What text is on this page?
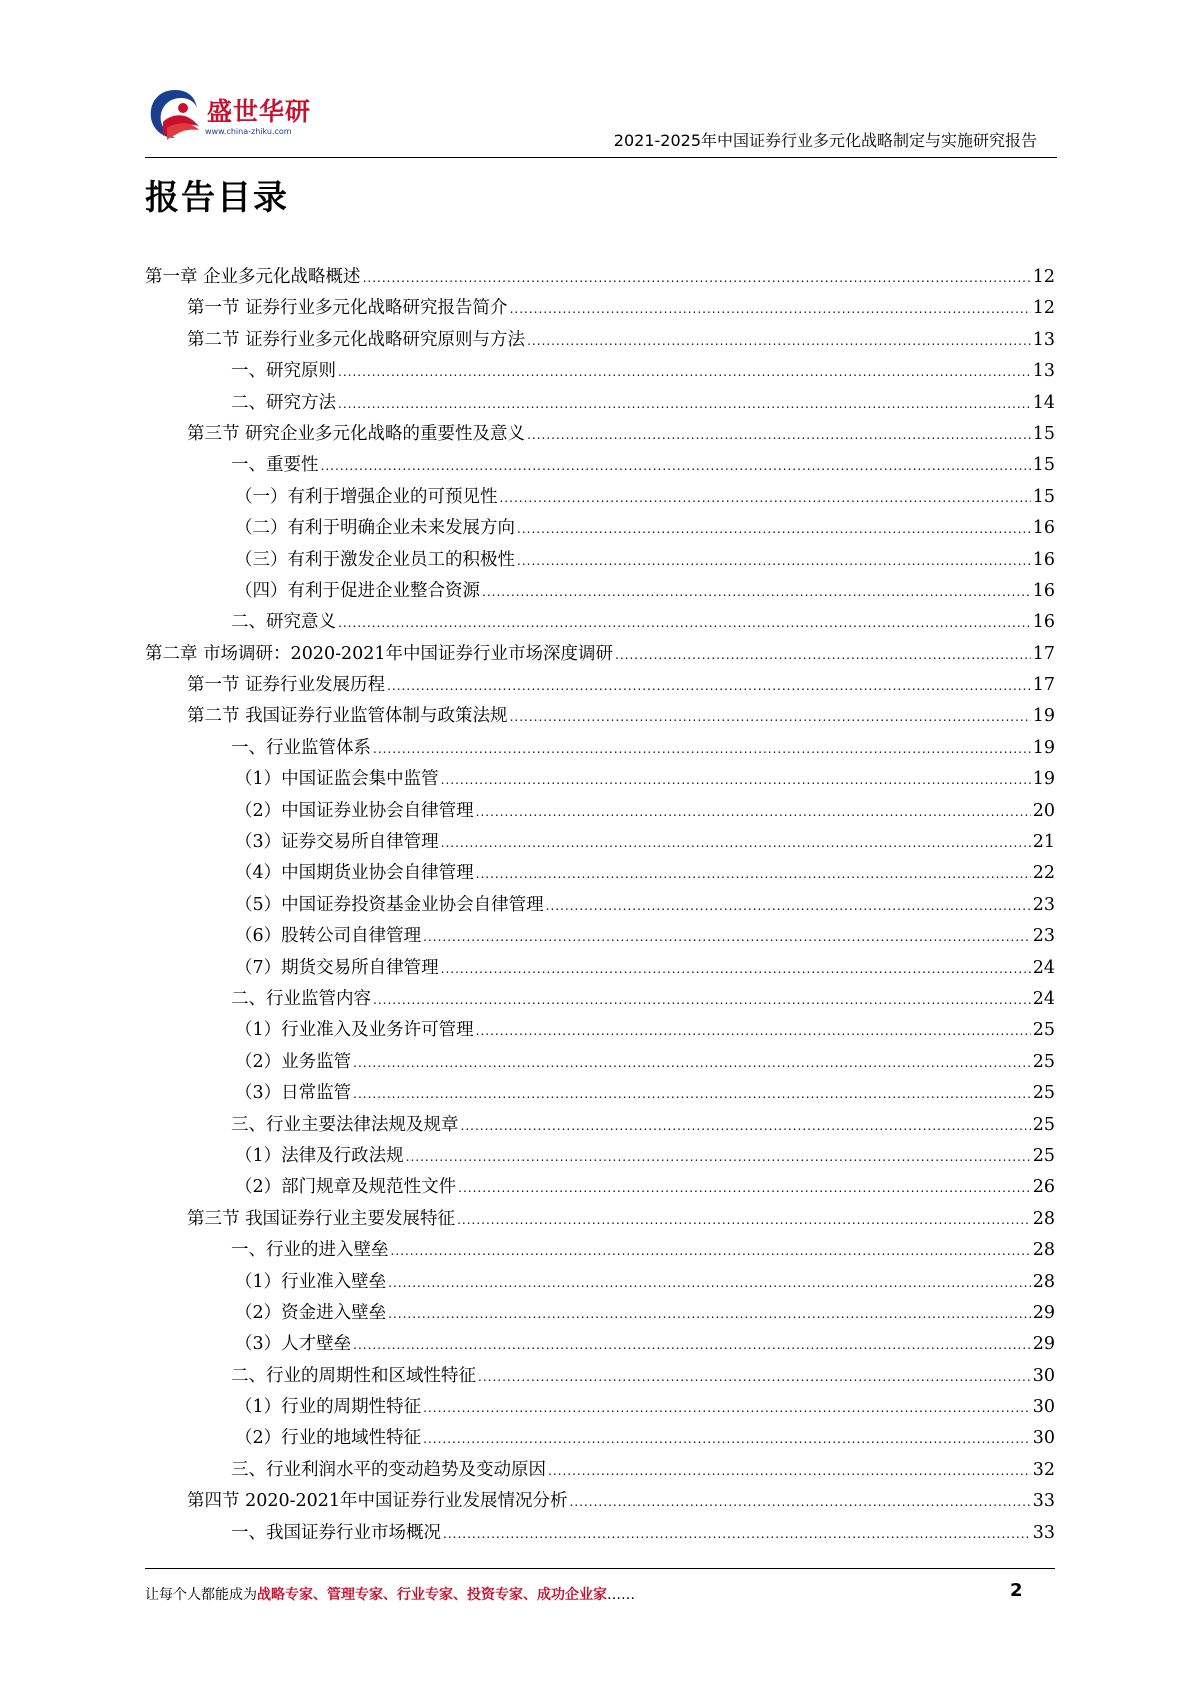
盛世华研
www.china-zhiku.com	2021-2025年中国证券行业多元化战略制定与实施研究报告
报告目录
第一章 企业多元化战略概述 .....	12
第一节 证券行业多元化战略研究报告简介 .....	12
第二节 证券行业多元化战略研究原则与方法 .....	13
一、研究原则 .....	13
二、研究方法 .....	14
第三节 研究企业多元化战略的重要性及意义 .....	15
一、重要性 .....	15
（一）有利于增强企业的可预见性 .....	15
（二）有利于明确企业未来发展方向 .....	16
（三）有利于激发企业员工的积极性 .....	16
（四）有利于促进企业整合资源 .....	16
二、研究意义 .....	16
第二章 市场调研：2020-2021年中国证券行业市场深度调研 .....	17
第一节 证券行业发展历程 .....	17
第二节 我国证券行业监管体制与政策法规 .....	19
一、行业监管体系 .....	19
（1）中国证监会集中监管 .....	19
（2）中国证券业协会自律管理 .....	20
（3）证券交易所自律管理 .....	21
（4）中国期货业协会自律管理 .....	22
（5）中国证券投资基金业协会自律管理 .....	23
（6）股转公司自律管理 .....	23
（7）期货交易所自律管理 .....	24
二、行业监管内容 .....	24
（1）行业准入及业务许可管理 .....	25
（2）业务监管 .....	25
（3）日常监管 .....	25
三、行业主要法律法规及规章 .....	25
（1）法律及行政法规 .....	25
（2）部门规章及规范性文件 .....	26
第三节 我国证券行业主要发展特征 .....	28
一、行业的进入壁垒 .....	28
（1）行业准入壁垒 .....	28
（2）资金进入壁垒 .....	29
（3）人才壁垒 .....	29
二、行业的周期性和区域性特征 .....	30
（1）行业的周期性特征 .....	30
（2）行业的地域性特征 .....	30
三、行业利润水平的变动趋势及变动原因 .....	32
第四节 2020-2021年中国证券行业发展情况分析 .....	33
一、我国证券行业市场概况 .....	33
让每个人都能成为战略专家、管理专家、行业专家、投资专家、成功企业家……	2
